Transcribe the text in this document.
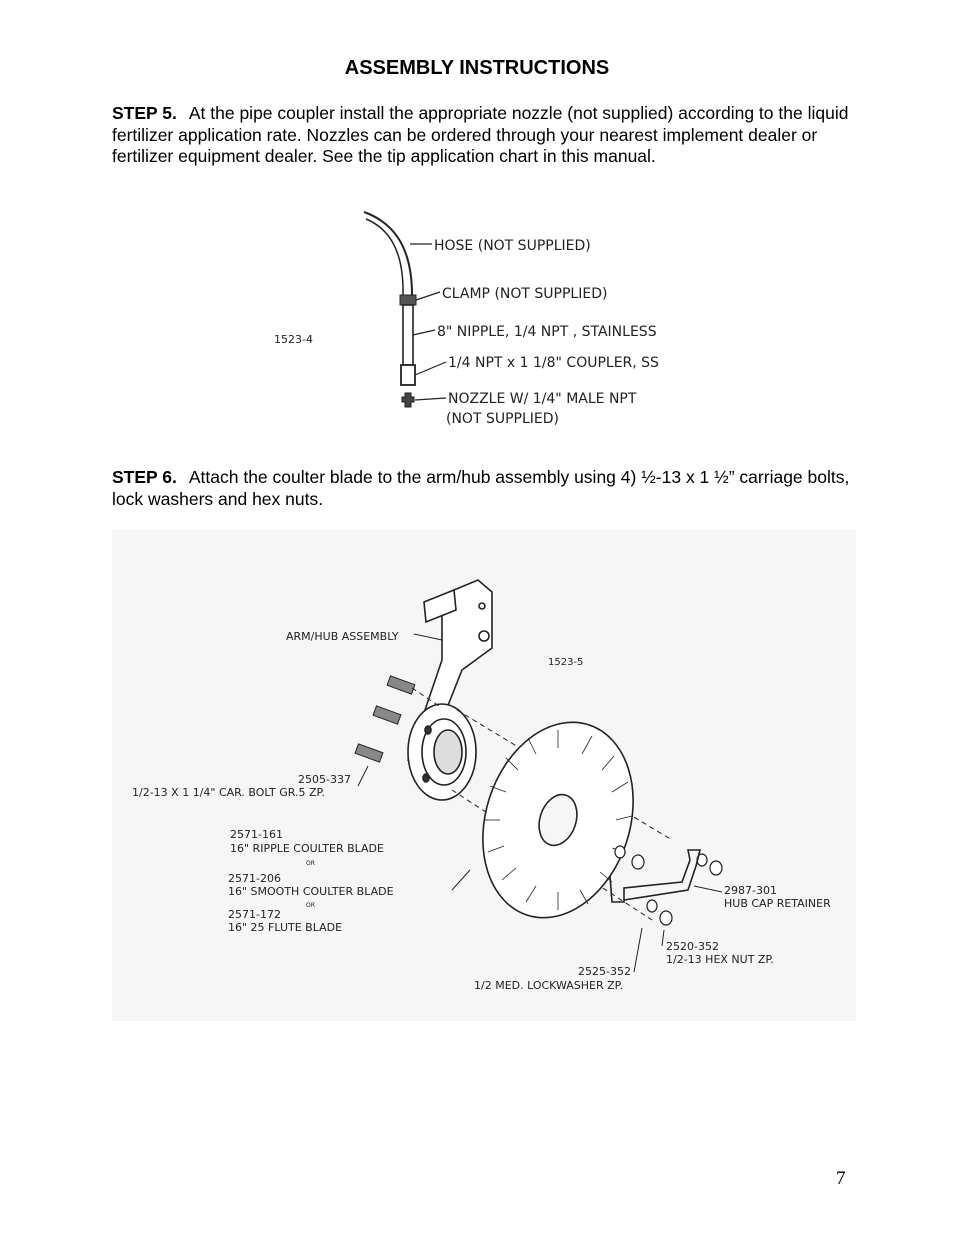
ASSEMBLY INSTRUCTIONS
STEP 5. At the pipe coupler install the appropriate nozzle (not supplied) according to the liquid fertilizer application rate. Nozzles can be ordered through your nearest implement dealer or fertilizer equipment dealer. See the tip application chart in this manual.
1523-4
HOSE (NOT SUPPLIED)
CLAMP (NOT SUPPLIED)
8" NIPPLE, 1/4 NPT , STAINLESS
1/4 NPT x 1 1/8" COUPLER, SS
NOZZLE W/ 1/4" MALE NPT
(NOT SUPPLIED)
STEP 6. Attach the coulter blade to the arm/hub assembly using 4) ½-13 x 1 ½” carriage bolts, lock washers and hex nuts.
ARM/HUB ASSEMBLY
1523-5
2505-337
1/2-13 X 1 1/4" CAR. BOLT GR.5 ZP.
2571-161
16" RIPPLE COULTER BLADE
OR
2571-206
16" SMOOTH COULTER BLADE
OR
2571-172
16" 25 FLUTE BLADE
2987-301
HUB CAP RETAINER
2520-352
1/2-13 HEX NUT ZP.
2525-352
1/2 MED. LOCKWASHER ZP.
7
